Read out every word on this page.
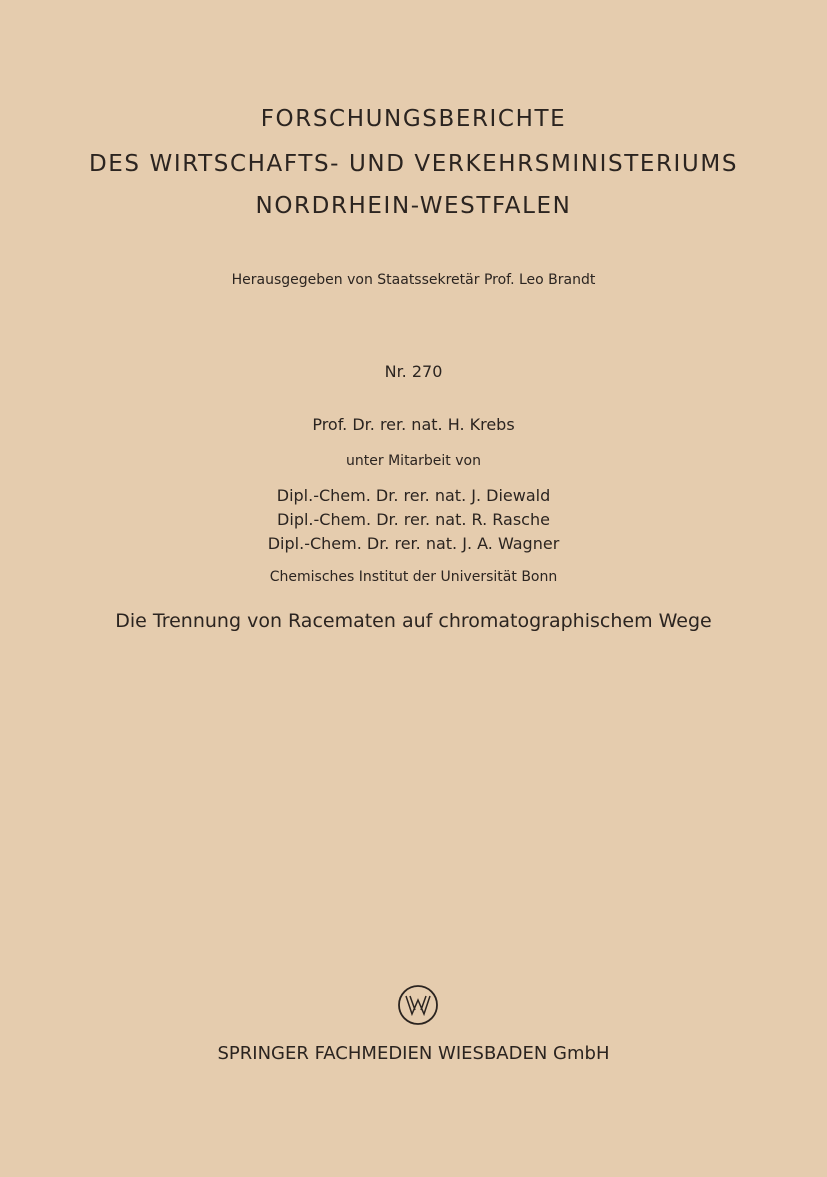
FORSCHUNGSBERICHTE
DES WIRTSCHAFTS- UND VERKEHRSMINISTERIUMS
NORDRHEIN-WESTFALEN
Herausgegeben von Staatssekretär Prof. Leo Brandt
Nr. 270
Prof. Dr. rer. nat. H. Krebs
unter Mitarbeit von
Dipl.-Chem. Dr. rer. nat. J. Diewald
Dipl.-Chem. Dr. rer. nat. R. Rasche
Dipl.-Chem. Dr. rer. nat. J. A. Wagner
Chemisches Institut der Universität Bonn
Die Trennung von Racematen auf chromatographischem Wege
SPRINGER FACHMEDIEN WIESBADEN GmbH
